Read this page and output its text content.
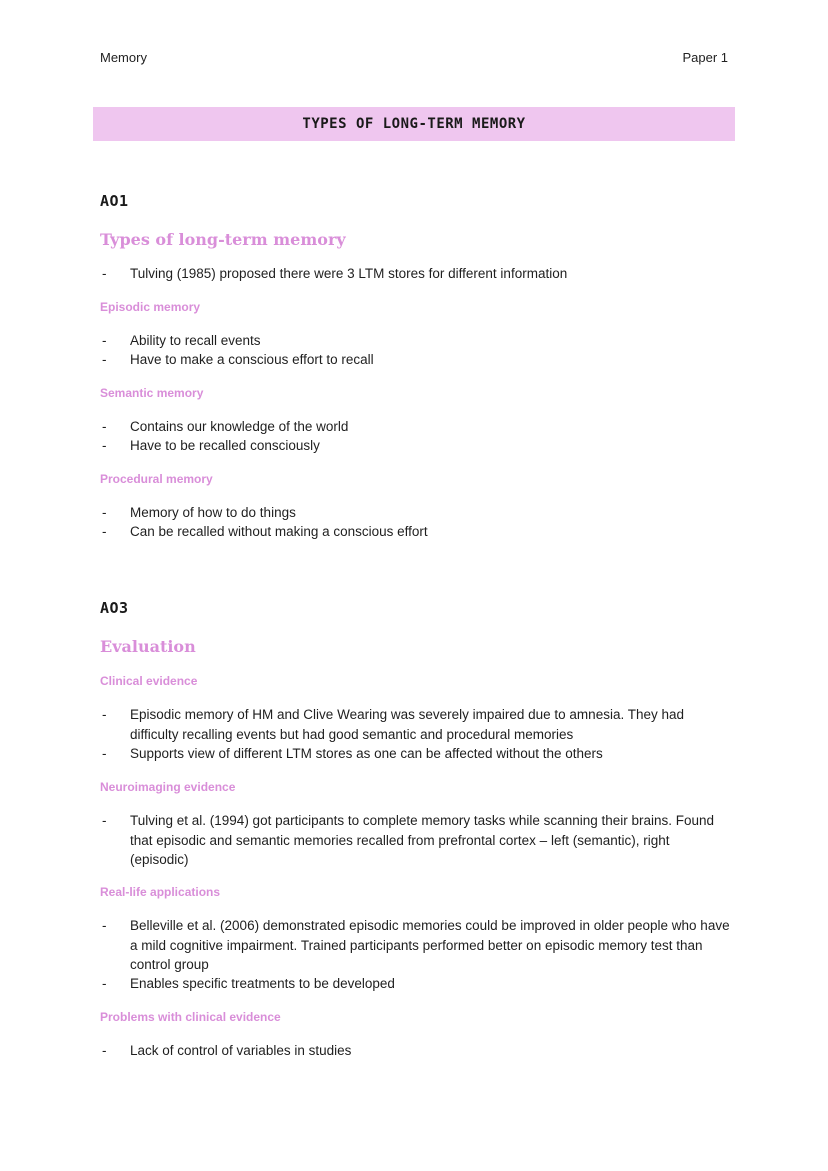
Memory	Paper 1
TYPES OF LONG-TERM MEMORY
AO1
Types of long-term memory
-	Tulving (1985) proposed there were 3 LTM stores for different information
Episodic memory
-	Ability to recall events
-	Have to make a conscious effort to recall
Semantic memory
-	Contains our knowledge of the world
-	Have to be recalled consciously
Procedural memory
-	Memory of how to do things
-	Can be recalled without making a conscious effort
AO3
Evaluation
Clinical evidence
-	Episodic memory of HM and Clive Wearing was severely impaired due to amnesia. They had difficulty recalling events but had good semantic and procedural memories
-	Supports view of different LTM stores as one can be affected without the others
Neuroimaging evidence
-	Tulving et al. (1994) got participants to complete memory tasks while scanning their brains. Found that episodic and semantic memories recalled from prefrontal cortex – left (semantic), right (episodic)
Real-life applications
-	Belleville et al. (2006) demonstrated episodic memories could be improved in older people who have a mild cognitive impairment. Trained participants performed better on episodic memory test than control group
-	Enables specific treatments to be developed
Problems with clinical evidence
-	Lack of control of variables in studies
